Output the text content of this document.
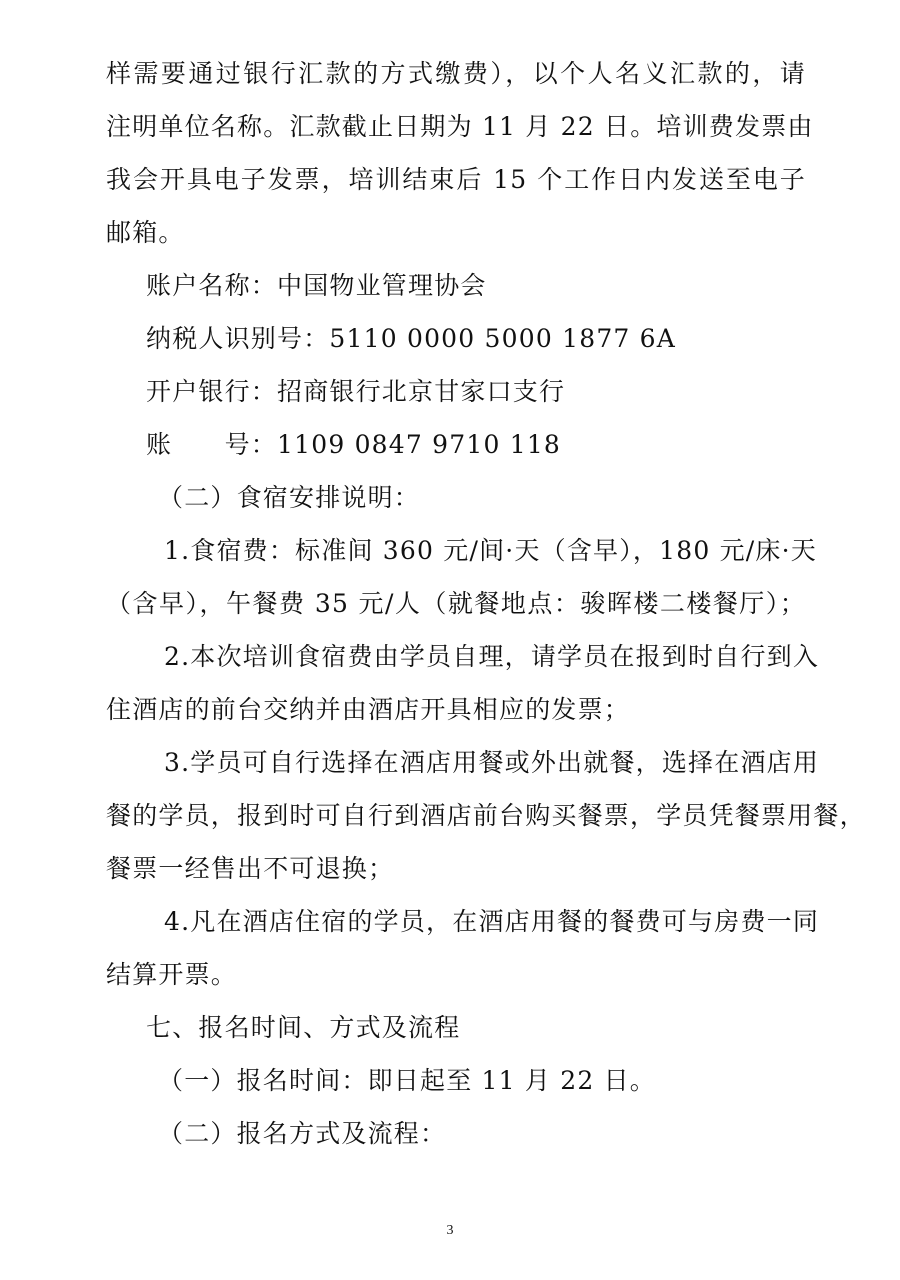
样需要通过银行汇款的方式缴费），以个人名义汇款的，请
注明单位名称。汇款截止日期为 11 月 22 日。培训费发票由
我会开具电子发票，培训结束后 15 个工作日内发送至电子
邮箱。
账户名称：中国物业管理协会
纳税人识别号：5110 0000 5000 1877 6A
开户银行：招商银行北京甘家口支行
账　　号：1109 0847 9710 118
（二）食宿安排说明：
1.食宿费：标准间 360 元/间·天（含早），180 元/床·天
（含早），午餐费 35 元/人（就餐地点：骏晖楼二楼餐厅）；
2.本次培训食宿费由学员自理，请学员在报到时自行到入
住酒店的前台交纳并由酒店开具相应的发票；
3.学员可自行选择在酒店用餐或外出就餐，选择在酒店用
餐的学员，报到时可自行到酒店前台购买餐票，学员凭餐票用餐，
餐票一经售出不可退换；
4.凡在酒店住宿的学员，在酒店用餐的餐费可与房费一同
结算开票。
七、报名时间、方式及流程
（一）报名时间：即日起至 11 月 22 日。
（二）报名方式及流程：
3
